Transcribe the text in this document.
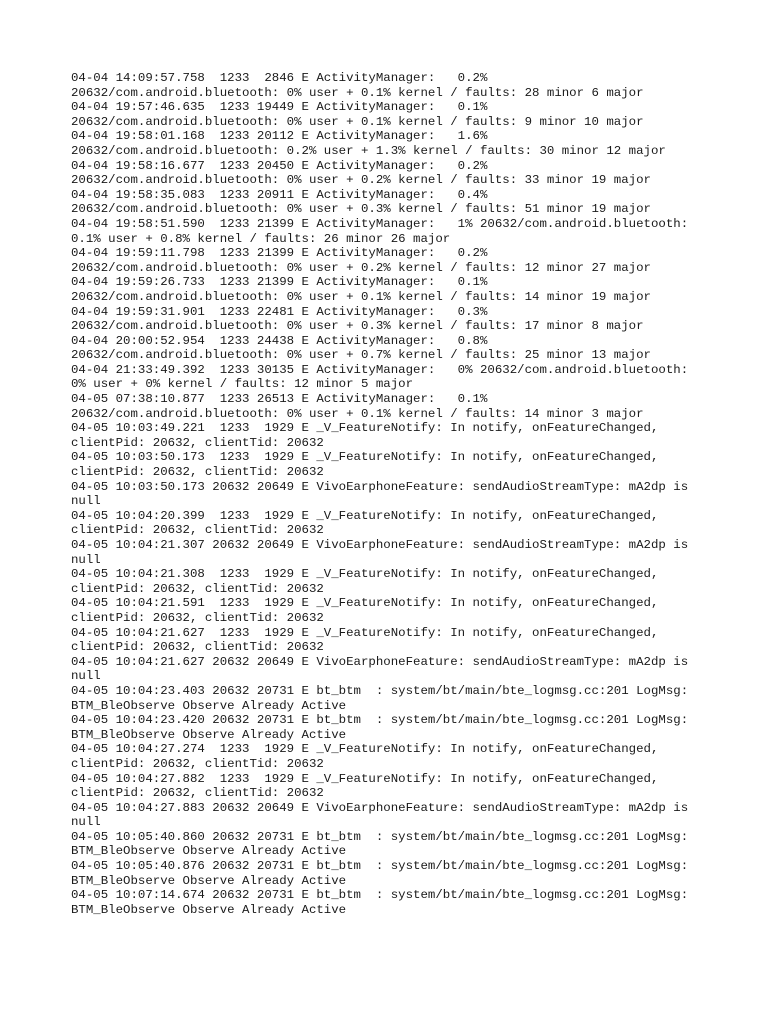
04-04 14:09:57.758  1233  2846 E ActivityManager:   0.2%
20632/com.android.bluetooth: 0% user + 0.1% kernel / faults: 28 minor 6 major
04-04 19:57:46.635  1233 19449 E ActivityManager:   0.1%
20632/com.android.bluetooth: 0% user + 0.1% kernel / faults: 9 minor 10 major
04-04 19:58:01.168  1233 20112 E ActivityManager:   1.6%
20632/com.android.bluetooth: 0.2% user + 1.3% kernel / faults: 30 minor 12 major
04-04 19:58:16.677  1233 20450 E ActivityManager:   0.2%
20632/com.android.bluetooth: 0% user + 0.2% kernel / faults: 33 minor 19 major
04-04 19:58:35.083  1233 20911 E ActivityManager:   0.4%
20632/com.android.bluetooth: 0% user + 0.3% kernel / faults: 51 minor 19 major
04-04 19:58:51.590  1233 21399 E ActivityManager:   1% 20632/com.android.bluetooth:
0.1% user + 0.8% kernel / faults: 26 minor 26 major
04-04 19:59:11.798  1233 21399 E ActivityManager:   0.2%
20632/com.android.bluetooth: 0% user + 0.2% kernel / faults: 12 minor 27 major
04-04 19:59:26.733  1233 21399 E ActivityManager:   0.1%
20632/com.android.bluetooth: 0% user + 0.1% kernel / faults: 14 minor 19 major
04-04 19:59:31.901  1233 22481 E ActivityManager:   0.3%
20632/com.android.bluetooth: 0% user + 0.3% kernel / faults: 17 minor 8 major
04-04 20:00:52.954  1233 24438 E ActivityManager:   0.8%
20632/com.android.bluetooth: 0% user + 0.7% kernel / faults: 25 minor 13 major
04-04 21:33:49.392  1233 30135 E ActivityManager:   0% 20632/com.android.bluetooth:
0% user + 0% kernel / faults: 12 minor 5 major
04-05 07:38:10.877  1233 26513 E ActivityManager:   0.1%
20632/com.android.bluetooth: 0% user + 0.1% kernel / faults: 14 minor 3 major
04-05 10:03:49.221  1233  1929 E _V_FeatureNotify: In notify, onFeatureChanged,
clientPid: 20632, clientTid: 20632
04-05 10:03:50.173  1233  1929 E _V_FeatureNotify: In notify, onFeatureChanged,
clientPid: 20632, clientTid: 20632
04-05 10:03:50.173 20632 20649 E VivoEarphoneFeature: sendAudioStreamType: mA2dp is
null
04-05 10:04:20.399  1233  1929 E _V_FeatureNotify: In notify, onFeatureChanged,
clientPid: 20632, clientTid: 20632
04-05 10:04:21.307 20632 20649 E VivoEarphoneFeature: sendAudioStreamType: mA2dp is
null
04-05 10:04:21.308  1233  1929 E _V_FeatureNotify: In notify, onFeatureChanged,
clientPid: 20632, clientTid: 20632
04-05 10:04:21.591  1233  1929 E _V_FeatureNotify: In notify, onFeatureChanged,
clientPid: 20632, clientTid: 20632
04-05 10:04:21.627  1233  1929 E _V_FeatureNotify: In notify, onFeatureChanged,
clientPid: 20632, clientTid: 20632
04-05 10:04:21.627 20632 20649 E VivoEarphoneFeature: sendAudioStreamType: mA2dp is
null
04-05 10:04:23.403 20632 20731 E bt_btm  : system/bt/main/bte_logmsg.cc:201 LogMsg:
BTM_BleObserve Observe Already Active
04-05 10:04:23.420 20632 20731 E bt_btm  : system/bt/main/bte_logmsg.cc:201 LogMsg:
BTM_BleObserve Observe Already Active
04-05 10:04:27.274  1233  1929 E _V_FeatureNotify: In notify, onFeatureChanged,
clientPid: 20632, clientTid: 20632
04-05 10:04:27.882  1233  1929 E _V_FeatureNotify: In notify, onFeatureChanged,
clientPid: 20632, clientTid: 20632
04-05 10:04:27.883 20632 20649 E VivoEarphoneFeature: sendAudioStreamType: mA2dp is
null
04-05 10:05:40.860 20632 20731 E bt_btm  : system/bt/main/bte_logmsg.cc:201 LogMsg:
BTM_BleObserve Observe Already Active
04-05 10:05:40.876 20632 20731 E bt_btm  : system/bt/main/bte_logmsg.cc:201 LogMsg:
BTM_BleObserve Observe Already Active
04-05 10:07:14.674 20632 20731 E bt_btm  : system/bt/main/bte_logmsg.cc:201 LogMsg:
BTM_BleObserve Observe Already Active
